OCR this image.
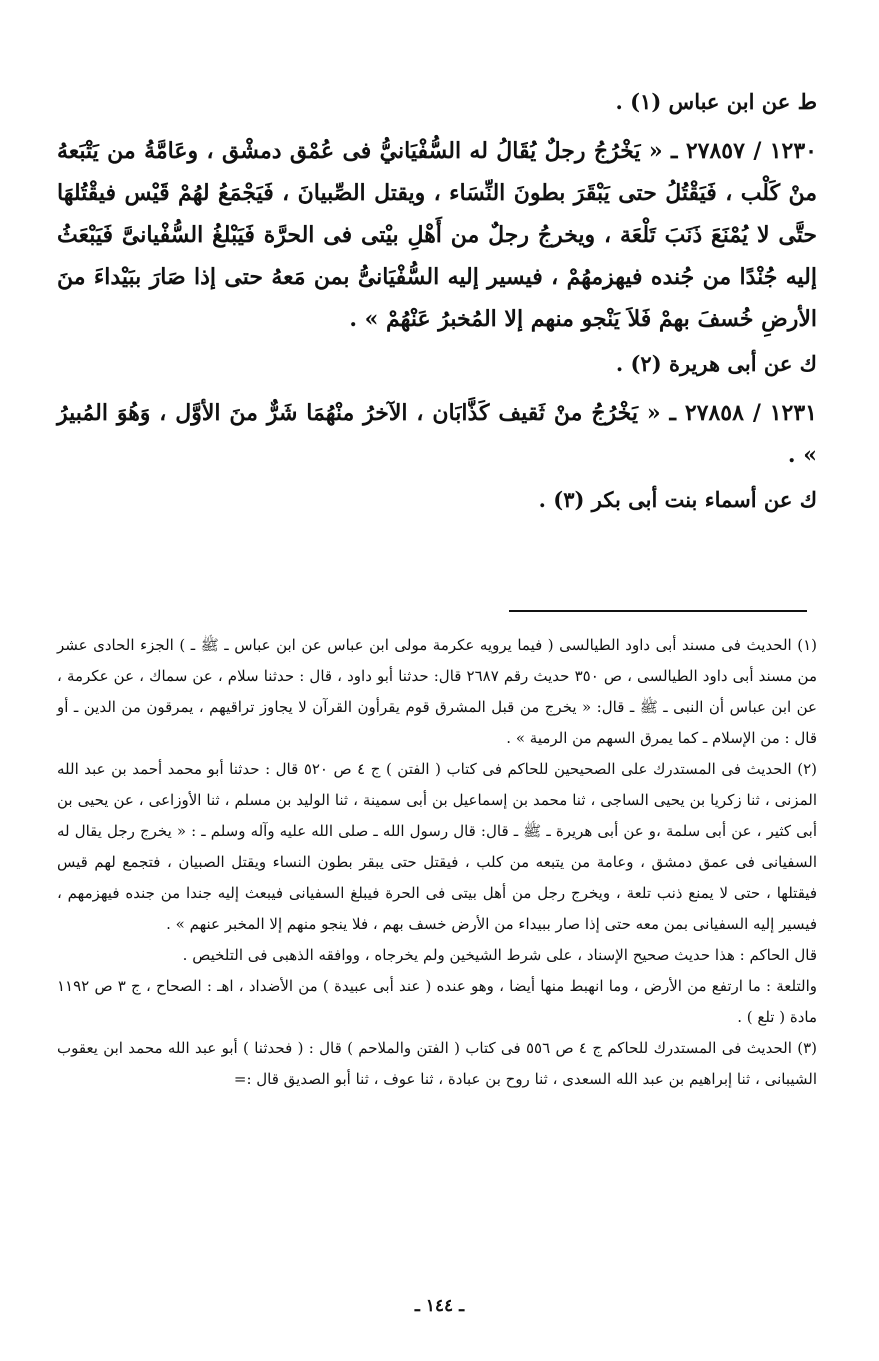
ط عن ابن عباس (١) .

١٢٣٠ / ٢٧٨٥٧ ـ « يَخْرُجُ رجلٌ يُقَالُ له السُّفْيَانيُّ فى عُمْق دمشْق ، وعَامَّةُ من يَتْبَعهُ منْ كَلْب ، فَيَقْتُلُ حتى يَبْقَرَ بطونَ النِّسَاء ، ويقتل الصِّبيانَ ، فَيَجْمَعُ لهُمْ قَيْس فيقْتُلهَا حتَّى لا يُمْنَعَ ذَنَبَ تَلْعَة ، ويخرجُ رجلٌ من أَهْلِ بيْتى فى الحرَّة فَيَبْلغُ السُّفْيانىَّ فَيَبْعَثُ إليه جُنْدًا من جُنده فيهزمهُمْ ، فيسير إليه السُّفْيَانىُّ بمن مَعهُ حتى إذا صَارَ ببَيْداءَ منَ الأرضِ خُسفَ بهمْ فَلاَ يَنْجو منهم إلا المُخبرُ عَنْهُمْ » .

ك عن أبى هريرة (٢) .

١٢٣١ / ٢٧٨٥٨ ـ « يَخْرُجُ منْ ثَقيف كَذَّابَان ، الآخرُ منْهُمَا شَرٌّ منَ الأوَّل ، وَهُوَ المُبيرُ » .

ك عن أسماء بنت أبى بكر (٣) .

(١) الحديث فى مسند أبى داود الطيالسى ( فيما يرويه عكرمة مولى ابن عباس عن ابن عباس ـ ﷺ ـ ) الجزء الحادى عشر من مسند أبى داود الطيالسى ، ص ٣٥٠ حديث رقم ٢٦٨٧ قال: حدثنا أبو داود ، قال : حدثنا سلام ، عن سماك ، عن عكرمة ، عن ابن عباس أن النبى ـ ﷺ ـ قال: « يخرج من قبل المشرق قوم يقرأون القرآن لا يجاوز تراقيهم ، يمرقون من الدين ـ أو قال : من الإسلام ـ كما يمرق السهم من الرمية » .

(٢) الحديث فى المستدرك على الصحيحين للحاكم فى كتاب ( الفتن ) ج ٤ ص ٥٢٠ قال : حدثنا أبو محمد أحمد بن عبد الله المزنى ، ثنا زكريا بن يحيى الساجى ، ثنا محمد بن إسماعيل بن أبى سمينة ، ثنا الوليد بن مسلم ، ثنا الأوزاعى ، عن يحيى بن أبى كثير ، عن أبى سلمة ،و عن أبى هريرة ـ ﷺ ـ قال: قال رسول الله ـ صلى الله عليه وآله وسلم ـ : « يخرج رجل يقال له السفيانى فى عمق دمشق ، وعامة من يتبعه من كلب ، فيقتل حتى يبقر بطون النساء ويقتل الصبيان ، فتجمع لهم قيس فيقتلها ، حتى لا يمنع ذنب تلعة ، ويخرج رجل من أهل بيتى فى الحرة فيبلغ السفيانى فيبعث إليه جندا من جنده فيهزمهم ، فيسير إليه السفيانى بمن معه حتى إذا صار ببيداء من الأرض خسف بهم ، فلا ينجو منهم إلا المخبر عنهم » .

قال الحاكم : هذا حديث صحيح الإسناد ، على شرط الشيخين ولم يخرجاه ، ووافقه الذهبى فى التلخيص .

والتلعة : ما ارتفع من الأرض ، وما انهبط منها أيضا ، وهو عنده ( عند أبى عبيدة ) من الأضداد ، اهـ : الصحاح ، ج ٣ ص ١١٩٢ مادة ( تلع ) .

(٣) الحديث فى المستدرك للحاكم ج ٤ ص ٥٥٦ فى كتاب ( الفتن والملاحم ) قال : ( فحدثنا ) أبو عبد الله محمد ابن يعقوب الشيبانى ، ثنا إبراهيم بن عبد الله السعدى ، ثنا روح بن عبادة ، ثنا عوف ، ثنا أبو الصديق قال :=

ـ ١٤٤ ـ
